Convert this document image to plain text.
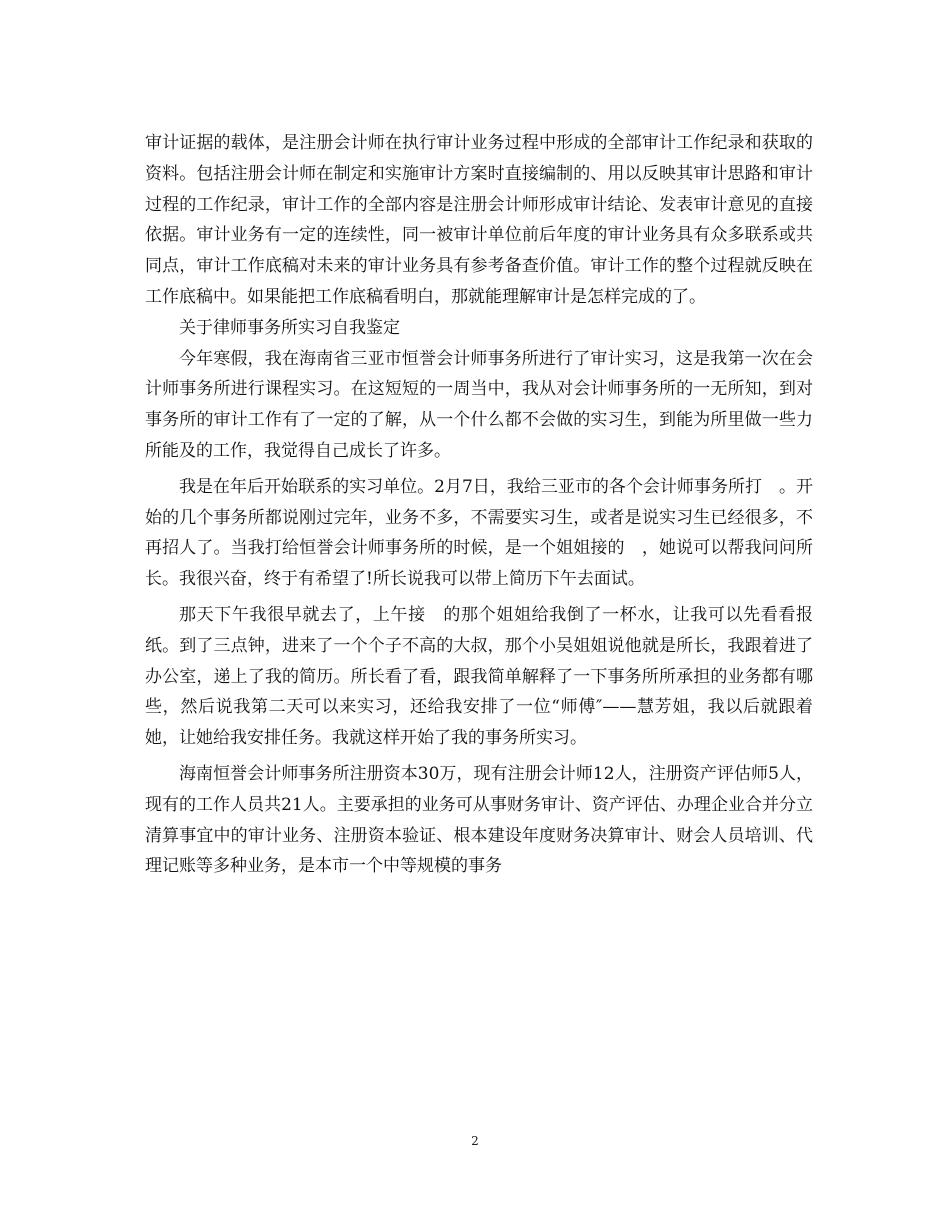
审计证据的载体，是注册会计师在执行审计业务过程中形成的全部审计工作纪录和获取的资料。包括注册会计师在制定和实施审计方案时直接编制的、用以反映其审计思路和审计过程的工作纪录，审计工作的全部内容是注册会计师形成审计结论、发表审计意见的直接依据。审计业务有一定的连续性，同一被审计单位前后年度的审计业务具有众多联系或共同点，审计工作底稿对未来的审计业务具有参考备查价值。审计工作的整个过程就反映在工作底稿中。如果能把工作底稿看明白，那就能理解审计是怎样完成的了。

关于律师事务所实习自我鉴定

今年寒假，我在海南省三亚市恒誉会计师事务所进行了审计实习，这是我第一次在会计师事务所进行课程实习。在这短短的一周当中，我从对会计师事务所的一无所知，到对事务所的审计工作有了一定的了解，从一个什么都不会做的实习生，到能为所里做一些力所能及的工作，我觉得自己成长了许多。

我是在年后开始联系的实习单位。2月7日，我给三亚市的各个会计师事务所打　。开始的几个事务所都说刚过完年，业务不多，不需要实习生，或者是说实习生已经很多，不再招人了。当我打给恒誉会计师事务所的时候，是一个姐姐接的　，她说可以帮我问问所长。我很兴奋，终于有希望了!所长说我可以带上简历下午去面试。

那天下午我很早就去了，上午接　的那个姐姐给我倒了一杯水，让我可以先看看报纸。到了三点钟，进来了一个个子不高的大叔，那个小吴姐姐说他就是所长，我跟着进了办公室，递上了我的简历。所长看了看，跟我简单解释了一下事务所所承担的业务都有哪些，然后说我第二天可以来实习，还给我安排了一位“师傅″——慧芳姐，我以后就跟着她，让她给我安排任务。我就这样开始了我的事务所实习。

海南恒誉会计师事务所注册资本30万，现有注册会计师12人，注册资产评估师5人，现有的工作人员共21人。主要承担的业务可从事财务审计、资产评估、办理企业合并分立清算事宜中的审计业务、注册资本验证、根本建设年度财务决算审计、财会人员培训、代理记账等多种业务，是本市一个中等规模的事务

2
